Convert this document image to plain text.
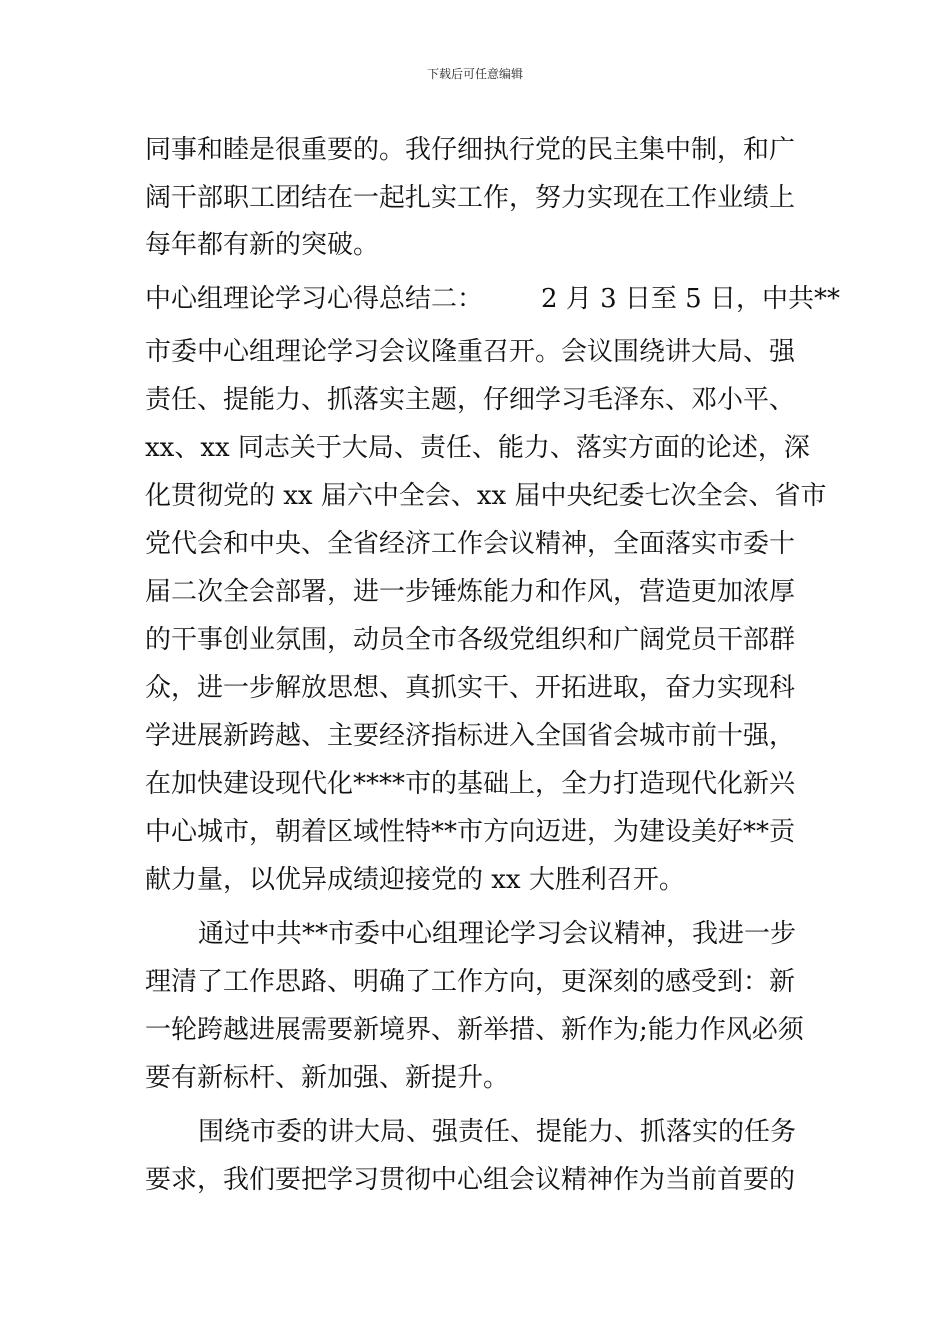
下载后可任意编辑
同事和睦是很重要的。我仔细执行党的民主集中制，和广
阔干部职工团结在一起扎实工作，努力实现在工作业绩上
每年都有新的突破。
中心组理论学习心得总结二： 2 月 3 日至 5 日，中共**
市委中心组理论学习会议隆重召开。会议围绕讲大局、强
责任、提能力、抓落实主题，仔细学习毛泽东、邓小平、
xx、xx 同志关于大局、责任、能力、落实方面的论述，深
化贯彻党的 xx 届六中全会、xx 届中央纪委七次全会、省市
党代会和中央、全省经济工作会议精神，全面落实市委十
届二次全会部署，进一步锤炼能力和作风，营造更加浓厚
的干事创业氛围，动员全市各级党组织和广阔党员干部群
众，进一步解放思想、真抓实干、开拓进取，奋力实现科
学进展新跨越、主要经济指标进入全国省会城市前十强，
在加快建设现代化****市的基础上，全力打造现代化新兴
中心城市，朝着区域性特**市方向迈进，为建设美好**贡
献力量，以优异成绩迎接党的 xx 大胜利召开。
通过中共**市委中心组理论学习会议精神，我进一步
理清了工作思路、明确了工作方向，更深刻的感受到：新
一轮跨越进展需要新境界、新举措、新作为;能力作风必须
要有新标杆、新加强、新提升。
围绕市委的讲大局、强责任、提能力、抓落实的任务
要求，我们要把学习贯彻中心组会议精神作为当前首要的
